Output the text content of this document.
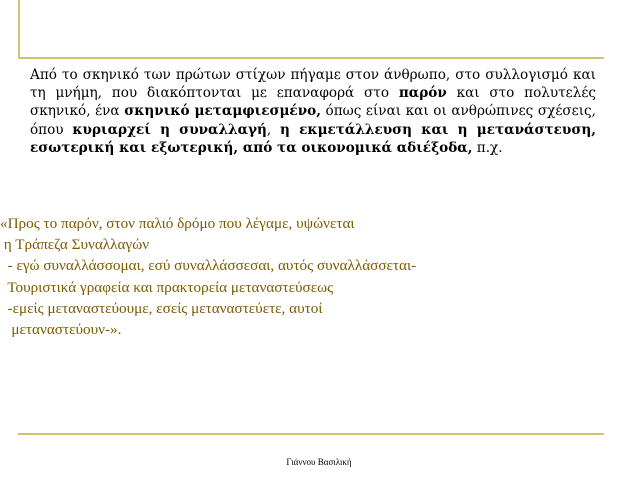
Από το σκηνικό των πρώτων στίχων πήγαμε στον άνθρωπο, στο συλλογισμό και τη μνήμη, που διακόπτονται με επαναφορά στο παρόν και στο πολυτελές σκηνικό, ένα σκηνικό μεταμφιεσμένο, όπως είναι και οι ανθρώπινες σχέσεις, όπου κυριαρχεί η συναλλαγή, η εκμετάλλευση και η μετανάστευση, εσωτερική και εξωτερική, από τα οικονομικά αδιέξοδα, π.χ.
«Προς το παρόν, στον παλιό δρόμο που λέγαμε, υψώνεται
η Τράπεζα Συναλλαγών
- εγώ συναλλάσσομαι, εσύ συναλλάσσεσαι, αυτός συναλλάσσεται-
Τουριστικά γραφεία και πρακτορεία μεταναστεύσεως
-εμείς μεταναστεύουμε, εσείς μεταναστεύετε, αυτοί
μεταναστεύουν-».
Γιάννου Βασιλική
